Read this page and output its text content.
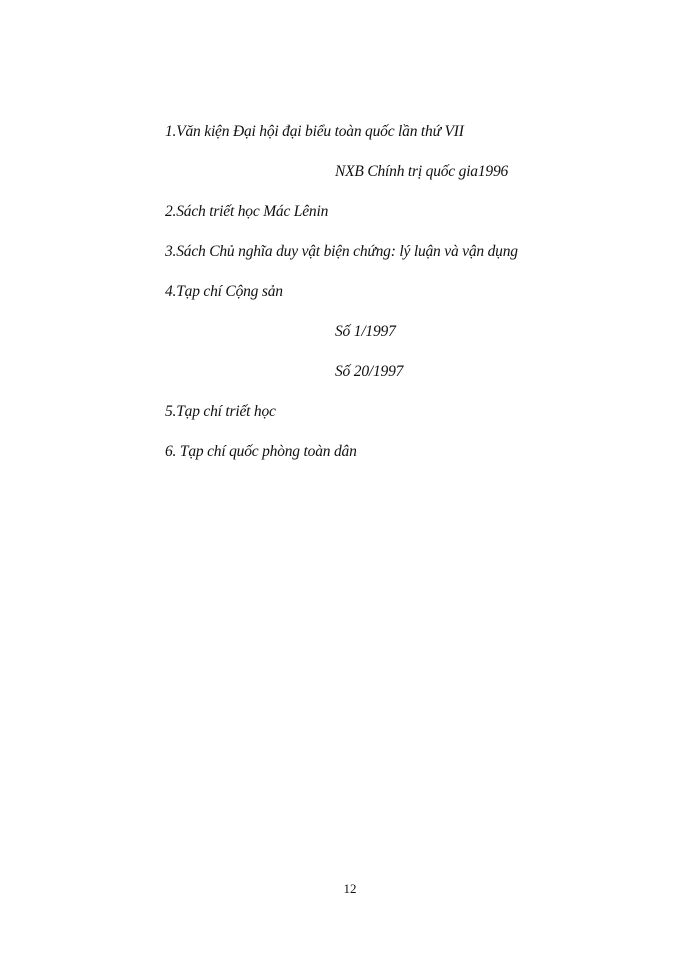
1.Văn kiện Đại hội đại biểu toàn quốc lần thứ VII
NXB Chính trị quốc gia1996
2.Sách triết học Mác Lênin
3.Sách Chủ nghĩa duy vật biện chứng: lý luận và vận dụng
4.Tạp chí Cộng sản
Số 1/1997
Số 20/1997
5.Tạp chí triết học
6. Tạp chí quốc phòng toàn dân
12
